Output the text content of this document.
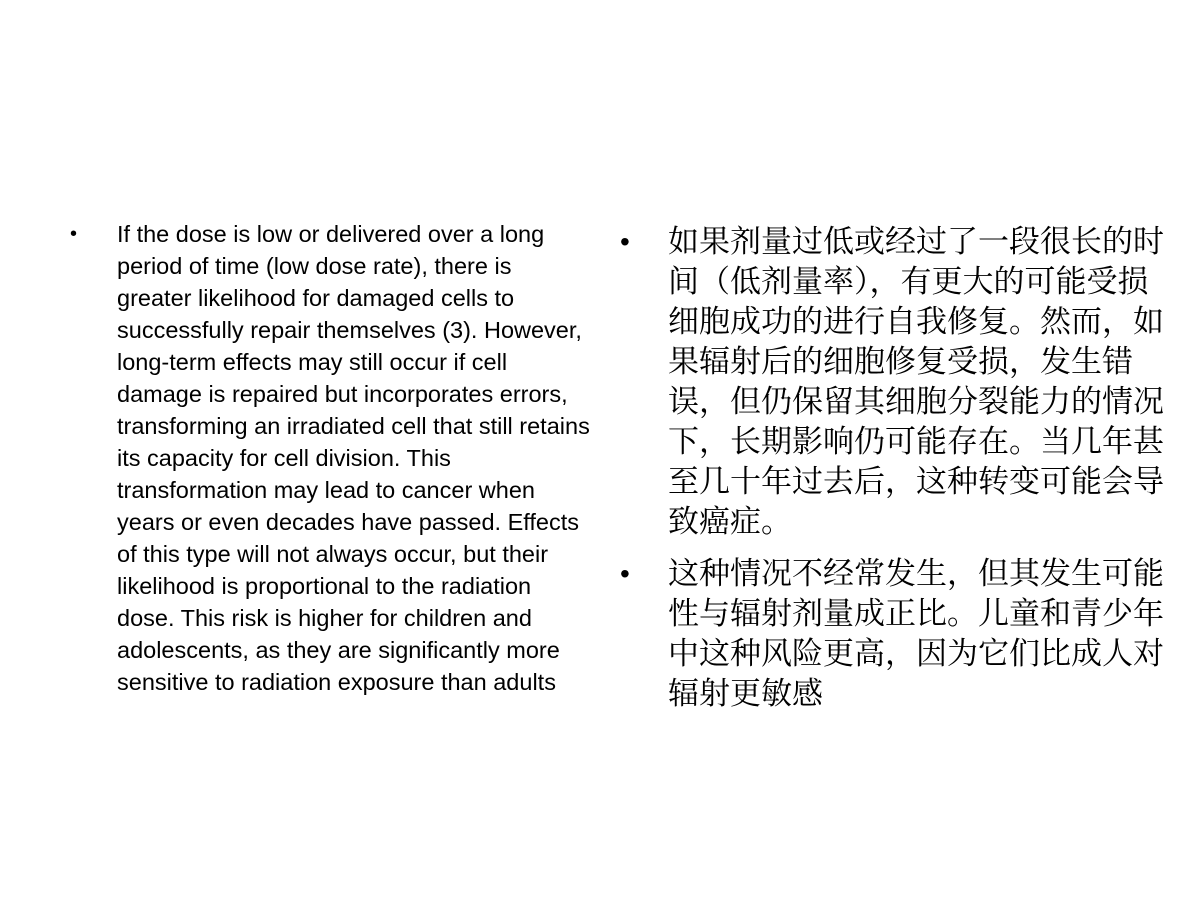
• If the dose is low or delivered over a long period of time (low dose rate), there is greater likelihood for damaged cells to successfully repair themselves (3). However, long-term effects may still occur if cell damage is repaired but incorporates errors, transforming an irradiated cell that still retains its capacity for cell division. This transformation may lead to cancer when years or even decades have passed. Effects of this type will not always occur, but their likelihood is proportional to the radiation dose. This risk is higher for children and adolescents, as they are significantly more sensitive to radiation exposure than adults
• 如果剂量过低或经过了一段很长的时间（低剂量率），有更大的可能受损细胞成功的进行自我修复。然而，如果辐射后的细胞修复受损，发生错误，但仍保留其细胞分裂能力的情况下，长期影响仍可能存在。当几年甚至几十年过去后，这种转变可能会导致癌症。
• 这种情况不经常发生，但其发生可能性与辐射剂量成正比。儿童和青少年中这种风险更高，因为它们比成人对辐射更敏感
